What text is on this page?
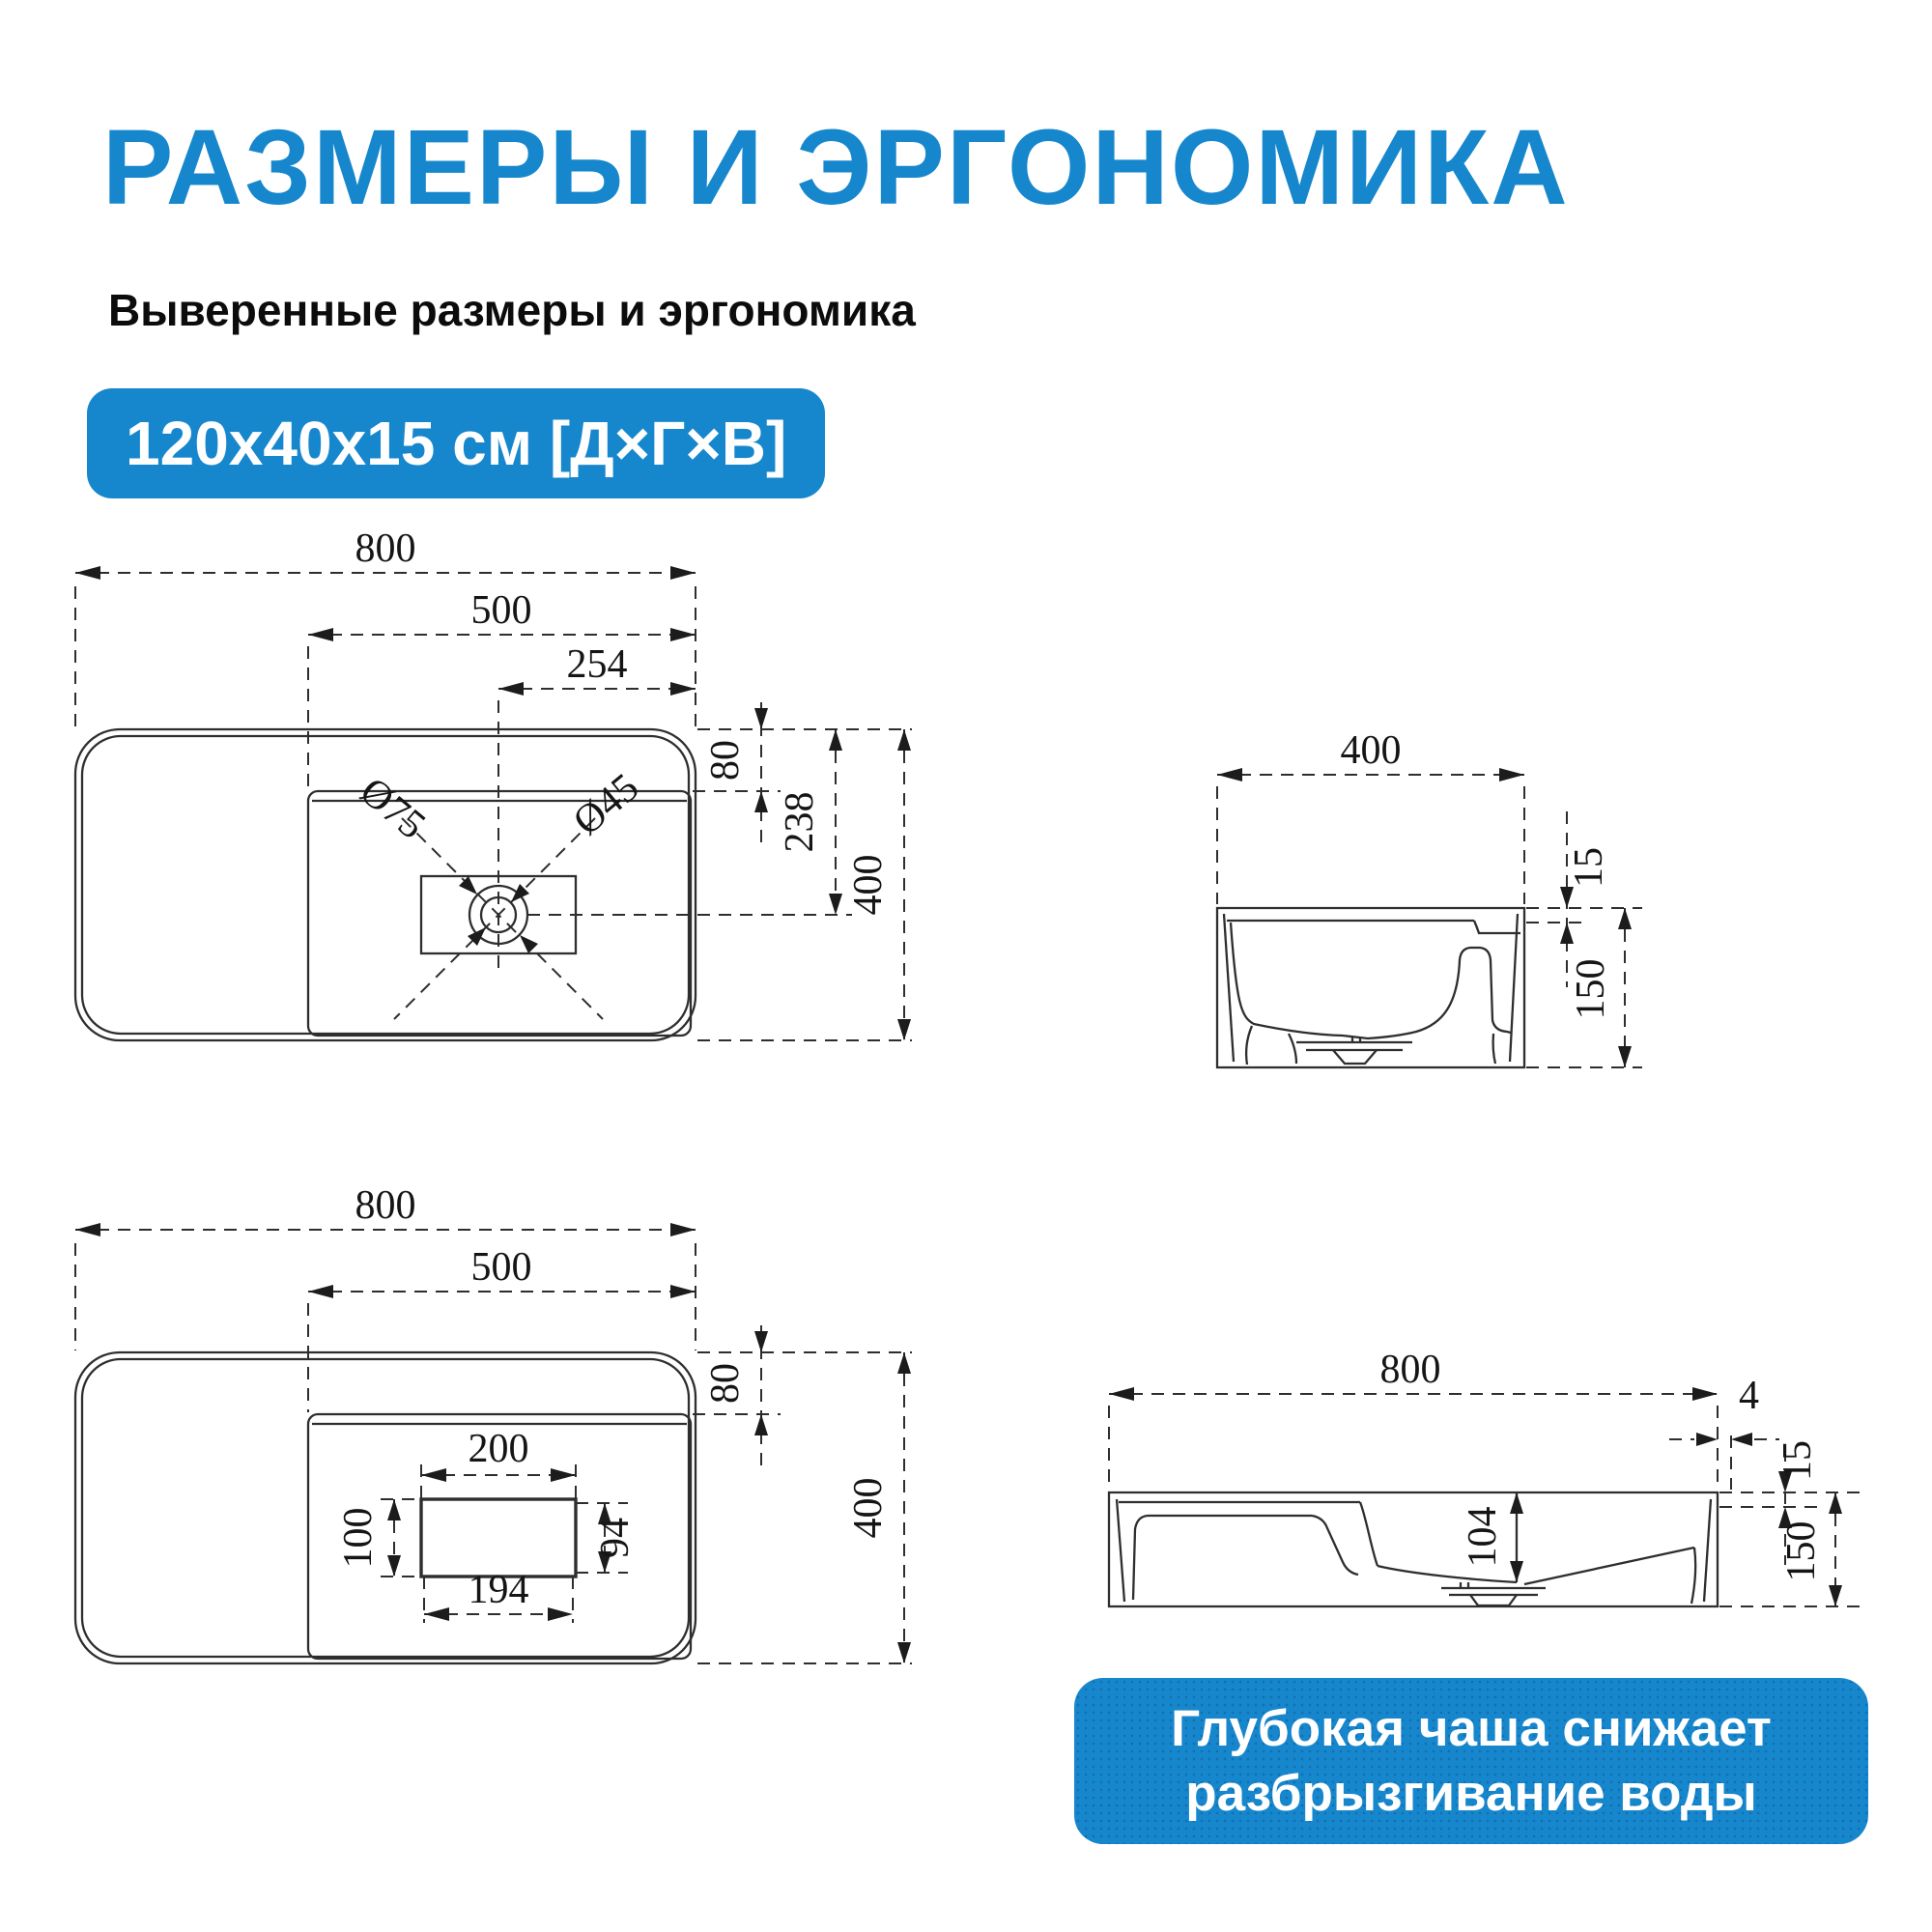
РАЗМЕРЫ И ЭРГОНОМИКА
Выверенные размеры и эргономика
120x40x15 см [Д×Г×В]
800
500
254
Ø75	Ø45
80
238
400
400
15
150
800
500
200
100	94
194
80
400
800
4
104
15
150
Глубокая чаша снижает
разбрызгивание воды
